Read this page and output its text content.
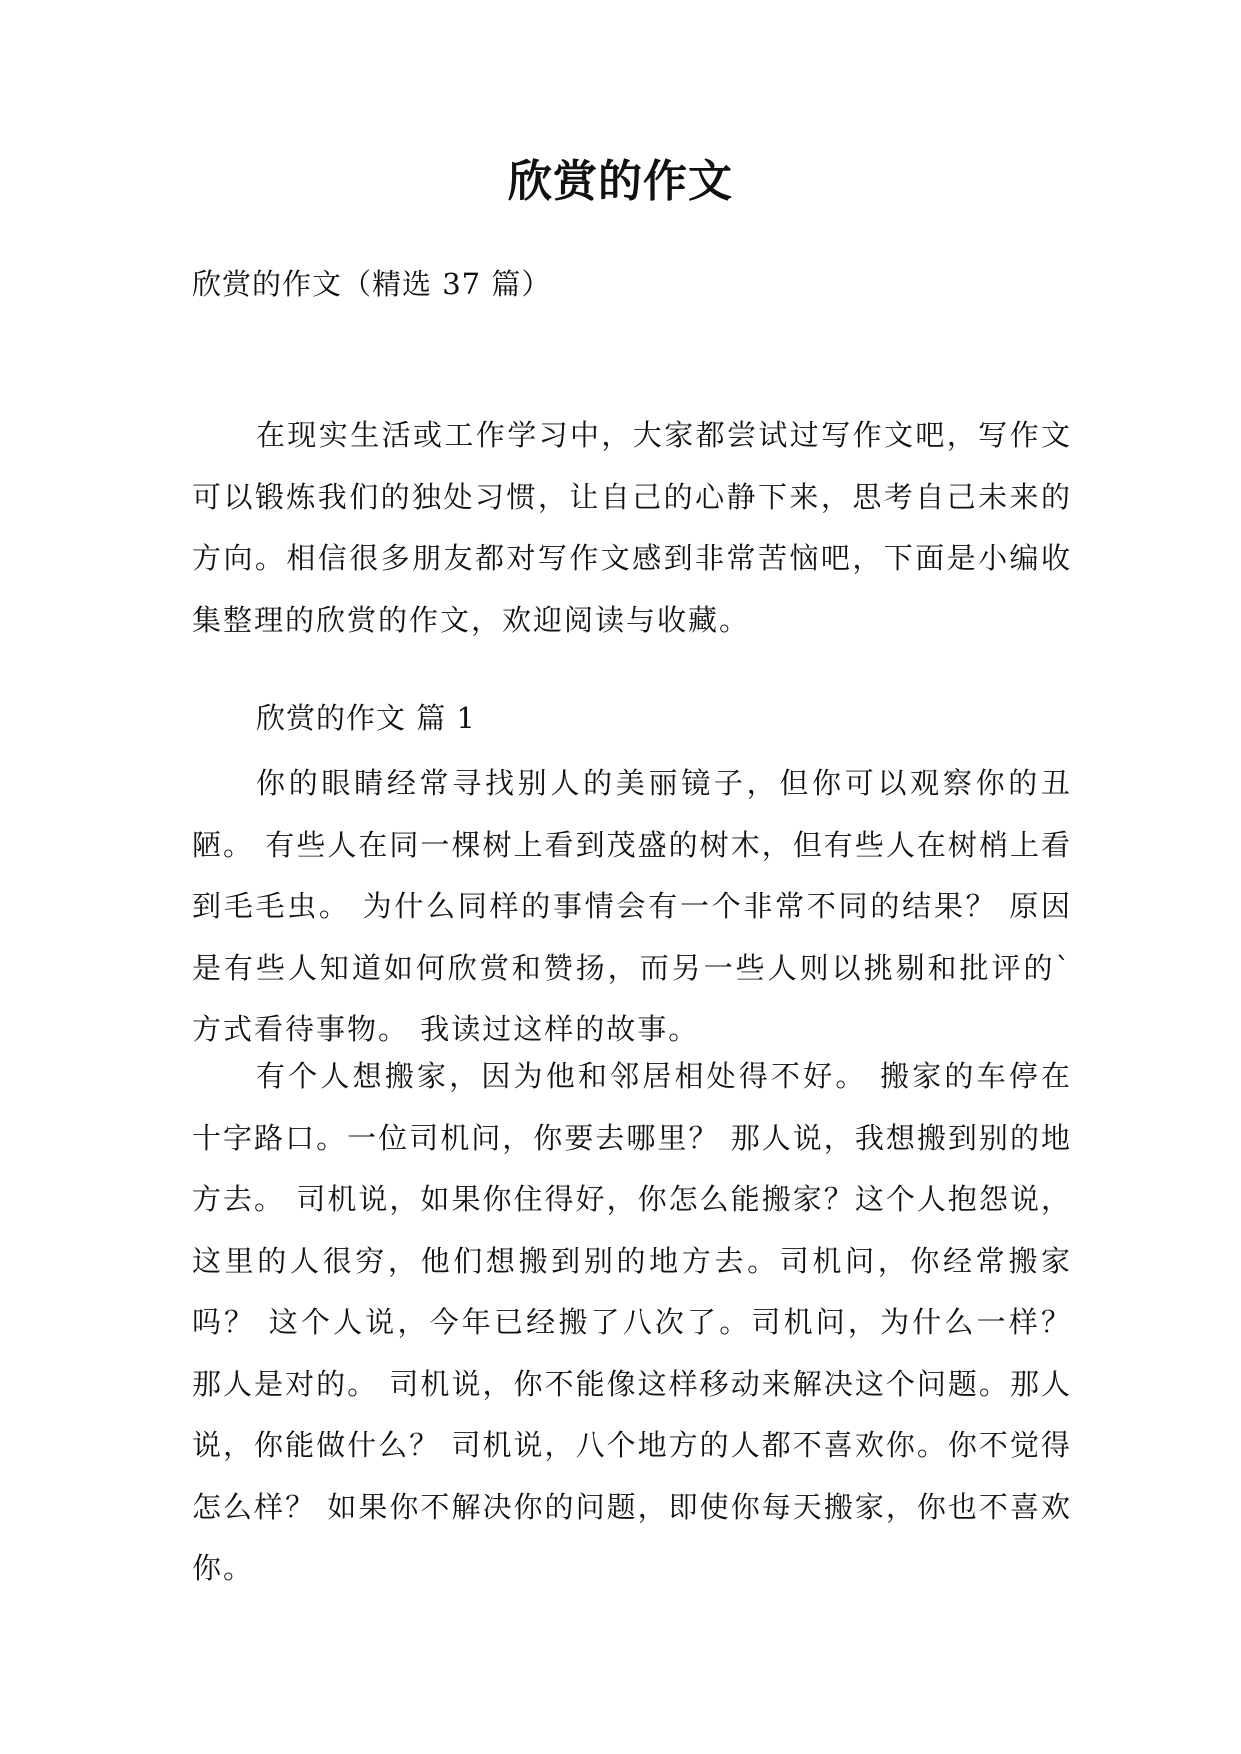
欣赏的作文

欣赏的作文（精选 37 篇）

在现实生活或工作学习中，大家都尝试过写作文吧，写作文可以锻炼我们的独处习惯，让自己的心静下来，思考自己未来的方向。相信很多朋友都对写作文感到非常苦恼吧，下面是小编收集整理的欣赏的作文，欢迎阅读与收藏。

欣赏的作文 篇 1

你的眼睛经常寻找别人的美丽镜子，但你可以观察你的丑陋。 有些人在同一棵树上看到茂盛的树木，但有些人在树梢上看到毛毛虫。 为什么同样的事情会有一个非常不同的结果？ 原因是有些人知道如何欣赏和赞扬，而另一些人则以挑剔和批评的`方式看待事物。 我读过这样的故事。

有个人想搬家，因为他和邻居相处得不好。 搬家的车停在十字路口。一位司机问，你要去哪里？ 那人说，我想搬到别的地方去。 司机说，如果你住得好，你怎么能搬家？这个人抱怨说，这里的人很穷，他们想搬到别的地方去。司机问，你经常搬家吗？ 这个人说，今年已经搬了八次了。司机问，为什么一样？ 那人是对的。 司机说，你不能像这样移动来解决这个问题。那人说，你能做什么？ 司机说，八个地方的人都不喜欢你。你不觉得怎么样？ 如果你不解决你的问题，即使你每天搬家，你也不喜欢你。
